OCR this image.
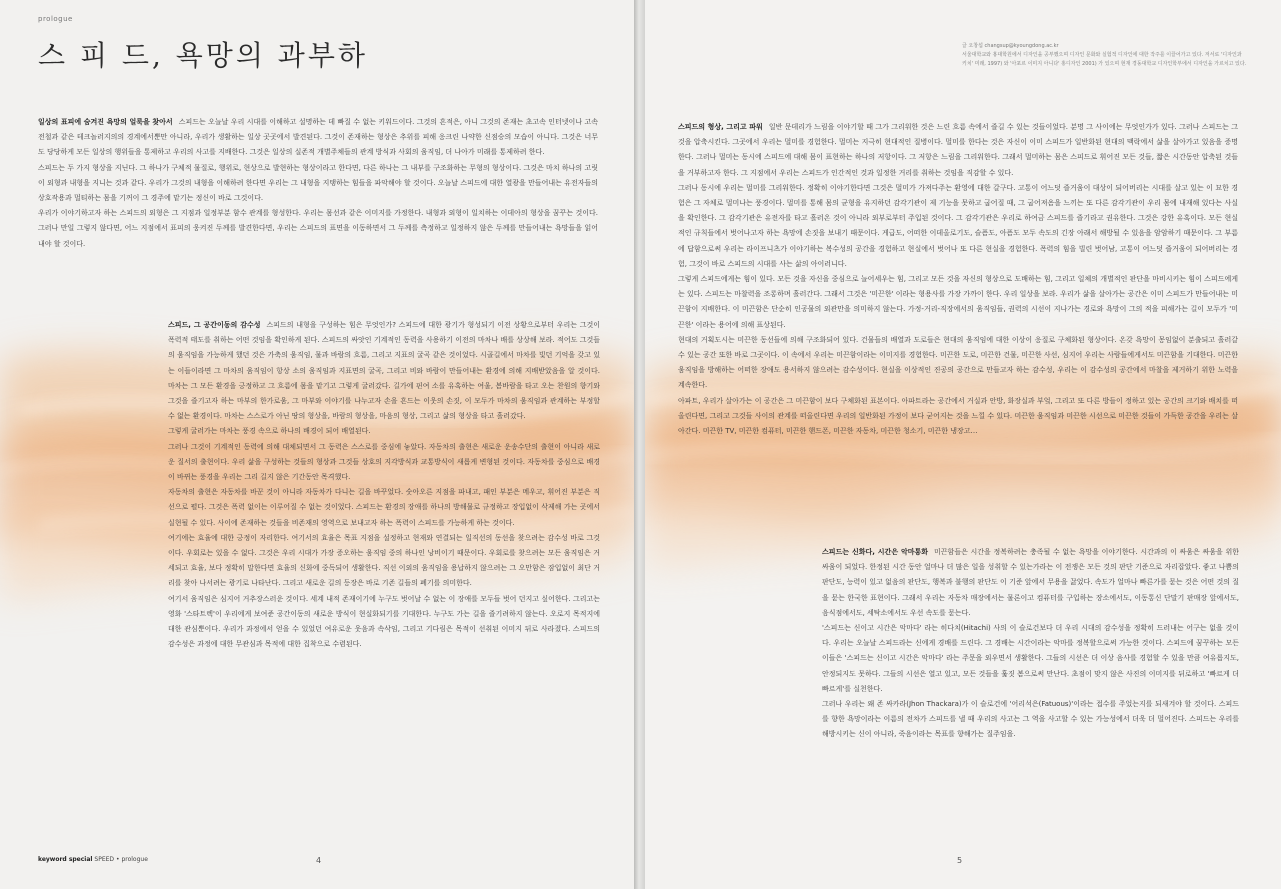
prologue
스 피 드, 욕망의 과부하

일상의 표피에 숨겨진 욕망의 얼룩을 찾아서 스피드는 오늘날 우리 시대를 이해하고 설명하는 데 빠질 수 없는 키워드이다. 그것의 흔적은, 아니 그것의 존재는 초고속 인터넷이나 고속전철과 같은 테크놀러지의의 경계에서뿐만 아니라, 우리가 생활하는 일상 곳곳에서 발견된다. 그것이 존재하는 형상은 추위를 피해 응크린 나약한 신점승의 모습이 아니다. 그것은 너무도 당당하게 모든 일상의 행위들을 통제하고 우리의 사고를 지배한다. 그것은 일상의 실존적 개별주체들의 관계 방식과 사회의 움직임, 더 나아가 미래를 통제하려 한다.

스피드는 두 가지 형상을 지닌다. 그 하나가 구체적 물질로, 행위로, 현상으로 발현하는 형상이라고 한다면, 다른 하나는 그 내부를 구조화하는 무형의 형상이다. 그것은 마치 하나의 고릿이 외형과 내형을 지니는 것과 같다. 우리가 그것의 내형을 이해하려 한다면 우리는 그 내형을 지탱하는 힘들을 파악해야 할 것이다. 오늘날 스피드에 대한 열광을 만들어내는 유전자들의 상호작용과 멀티하는 몸을 기꺼이 그 경주에 맡기는 정신이 바로 그것이다.

우리가 이야기하고자 하는 스피드의 외형은 그 지점과 일정부분 함수 관계를 형성한다. 우리는 몸선과 같은 이미지를 가정한다. 내형과 외형이 일치하는 이데아의 형상을 꿈꾸는 것이다. 그러나 만일 그렇지 않다면, 어느 지점에서 표피의 웅켜진 두께를 발견한다면, 우리는 스피드의 표면을 이동하면서 그 두께를 측정하고 일정하지 않은 두께를 만들어내는 욕망들을 읽어내야 할 것이다.

스피드, 그 공간이동의 감수성 스피드의 내형을 구성하는 힘은 무엇인가? 스피드에 대한 광기가 형성되기 이전 상황으로부터 우리는 그것이 폭력적 태도를 취하는 어떤 것임을 확인하게 된다. 스피드의 싸앗인 기계적인 동력을 사용하기 이전의 마차나 배를 상상해 보라. 적어도 그것들의 움직임을 가능하게 했던 것은 가축의 움직임, 물과 바람의 흐름, 그리고 지표의 굴곡 같은 것이었다. 시골길에서 마차를 빛던 기억을 갖고 있는 이들이라면 그 마차의 움직임이 항상 소의 움직임과 지표면의 굴곡, 그리고 비와 바람이 만들어내는 환경에 의해 지배받았음을 알 것이다. 마차는 그 모든 환경을 긍정하고 그 흐름에 몸을 맡기고 그렇게 굴러갔다. 길가에 핀여 소를 유혹하는 여울, 봄바람을 타고 오는 찬원의 향기와 그것을 즐기고자 하는 마부의 한가로움, 그 마부와 이야기를 나누고자 손을 흔드는 이웃의 손짓, 이 모두가 마차의 움직임과 관계하는 부정할 수 없는 환경이다. 마차는 스스로가 아닌 땅의 형상을, 바람의 형상을, 마음의 형상, 그리고 삶의 형상을 타고 흘러갔다.

그렇게 굴러가는 마차는 풍경 속으로 하나의 배경이 되어 배열된다.

그러나 그것이 기계적인 동력에 의해 대체되면서 그 동력은 스스로를 중심에 놓았다. 자동차의 출현은 새로운 운송수단의 출현이 아니라 새로운 질서의 출현이다. 우리 삶을 구성하는 것들의 형상과 그것들 상호의 지각방식과 교통방식이 새롭게 변형된 것이다. 자동차를 중심으로 배경이 바뀌는 풍경을 우리는 그리 길지 않은 기간동안 목격했다.

자동차의 출현은 자동차를 바꾼 것이 아니라 자동차가 다니는 길을 바꾸었다. 숫아오른 지점을 파내고, 패인 부분은 메우고, 휘어진 부분은 직선으로 펼다. 그것은 폭력 없이는 이루어질 수 없는 것이었다. 스피드는 환경의 장애를 하나의 방해물로 규정하고 장입없이 삭제해 가는 곳에서 실현될 수 있다. 사이에 존재하는 것들을 비존재의 영역으로 보내고자 하는 폭력이 스피드를 가능하게 하는 것이다.

여기에는 효율에 대한 긍정이 자리한다. 여기서의 효율은 목표 지점을 설정하고 현재와 연결되는 일직선의 동선을 찾으려는 감수성 바로 그것이다. 우회로는 있을 수 없다. 그것은 우리 시대가 가장 증오하는 움직임 중의 하나인 낭비이기 때문이다. 우회로를 찾으려는 모든 움직임은 거세되고 효율, 보다 정확히 말한다면 효율의 신화에 중독되어 생활한다. 직선 이외의 움직임을 용납하지 않으려는 그 오만함은 잠입없이 최단 거리를 찾아 나서려는 광기로 나타난다. 그리고 새로운 길의 등장은 바로 기존 길들의 폐기를 의미한다.

여기서 움직임은 심지어 거추장스러운 것이다. 세계 내적 존재이기에 누구도 벗어날 수 없는 이 장애를 모두들 벗어 던지고 싶어한다. 그리고는 영화 '스타트렉'이 우리에게 보여준 공간이동의 새로운 방식이 현실화되기를 기대한다. 누구도 가는 길을 즐기려하지 않는다. 오로지 목적지에 대한 관심뿐이다. 우리가 과정에서 얻을 수 있었던 여유로운 웃음과 속삭임, 그리고 기다림은 목적이 선취된 이미지 뒤로 사라졌다. 스피드의 감수성은 과정에 대한 무관심과 목적에 대한 집착으로 수렴된다.

keyword special SPEED • prologue	4

글 오창섭 changsup@kyoungdong.ac.kr

서울대학교와 홍대학원에서 디자인을 공부했으며 디자인 문화와 실험적 디자인에 대한 작주를 이끌어가고 있다. 저서로 '디자인과 키치' 미래, 1997) 와 '아포르 이미지 아니다' 홍디자인 2001) 가 있으며 현재 경동대학교 디자인학부에서 디자인을 가르치고 있다.

스피드의 형상, 그리고 파워 일반 문데리가 느림을 이야기할 때 그가 그리워한 것은 느린 흐름 속에서 즐길 수 있는 것들이었다. 분명 그 사이에는 무엇인가가 있다. 그러나 스피드는 그것을 압축시킨다. 그곳에서 우리는 멀미를 경험한다. 멀미는 지극히 현대적인 질병이다. 멀미를 한다는 것은 자신이 이미 스피드가 일반화된 현대의 맥락에서 삶을 살아가고 있음을 증명한다. 그러나 멀미는 동시에 스피드에 대해 몸이 표현하는 하나의 저항이다. 그 저항은 느림을 그리워한다. 그래서 멀미하는 몸은 스피드로 휘어진 모든 것들, 짧은 시간동안 압축된 것들을 거부하고자 한다. 그 지점에서 우리는 스피드가 인간적인 것과 일정한 거리를 취하는 것임을 직감할 수 있다.

그러나 동시에 우리는 멀미를 그리워한다. 정확히 이야기한다면 그것은 멀미가 가져다주는 환영에 대한 갈구다. 고통이 어느덧 즐거움이 대상이 되어버리는 시대를 살고 있는 이 묘한 경험은 그 자체로 멀미나는 풍경이다. 멀미를 통해 몸의 균형을 유지하던 감각기관이 제 기능을 못하고 굽어질 때, 그 굽어져옴을 느끼는 또 다른 감각기관이 우리 몸에 내재해 있다는 사실을 확인한다. 그 감각기관은 유전자를 타고 흘러온 것이 아니라 외부로부터 주입된 것이다. 그 감각기관은 우리로 하여금 스피드를 즐기라고 권유한다. 그것은 강한 유혹이다. 모든 현실적인 규칙들에서 벗어나고자 하는 욕망에 손짓을 보내기 때문이다. 게급도, 어떠한 이데올로기도, 슬픔도, 아픔도 모두 속도의 긴장 아래서 해방될 수 있음을 암암하기 때문이다. 그 부름에 답함으로써 우리는 라이프니츠가 이야기하는 복수성의 공간을 경험하고 현실에서 벗어나 또 다른 현실을 경험한다. 폭력의 힘을 빌린 벗어남, 고통이 어느덧 즐거움이 되어버리는 경험, 그것이 바로 스피드의 시대를 사는 삶의 아이러니다.

그렇게 스피드에게는 힘이 있다. 모든 것을 자신을 중심으로 늘어세우는 힘, 그리고 모든 것을 자신의 형상으로 도배하는 힘, 그리고 일체의 개별적인 판단을 마비시키는 힘이 스피드에게는 있다. 스피드는 마찰력을 조롱하며 흘러간다. 그래서 그것은 '미끈한' 이라는 형용사를 가장 가까이 한다. 우리 일상을 보라. 우리가 삶을 살아가는 공간은 이미 스피드가 만들어내는 미끈함이 지배한다. 이 미끈함은 단순히 인공물의 외관만을 의미하지 않는다. 가정-거리-직장에서의 움직임들, 권력의 시선이 지나가는 경로와 욕망이 그의 적을 피해가는 길이 모두가 '미끈한' 이라는 용어에 의해 표상된다.

현대의 거획도시는 미끈한 동선들에 의해 구조화되어 있다. 건물들의 배열과 도로들은 현대의 움직임에 대한 이상이 응질로 구체화된 형상이다. 온갖 욕망이 몽임없이 분출되고 흘러갈 수 있는 공간 또한 바로 그곳이다. 이 속에서 우리는 미끈함이라는 이미지를 경험한다. 미끈한 도로, 미끈한 건물, 미끈한 사선, 심지어 우리는 사람들에게서도 미끈함을 기대한다. 미끈한 움직임을 방해하는 어떠한 장애도 용서하지 않으려는 감수성이다. 현실을 이상적인 진공의 공간으로 만들고자 하는 감수성, 우리는 이 감수성의 공간에서 마찰을 제거하기 위한 노력을 계속한다.

아파트, 우리가 살아가는 이 공간은 그 미끈함이 보다 구체화된 표본이다. 아파트라는 공간에서 거실과 안방, 화장실과 부엌, 그리고 또 다른 방들이 정하고 있는 공간의 크기와 배치를 떠올린다면, 그리고 그것들 사이의 관계를 떠올린다면 우리의 일반화된 가정이 보다 굳어지는 것을 느낄 수 있다. 미끈한 움직임과 미끈한 시선으로 미끈한 것들이 가득한 공간을 우리는 살아간다. 미끈한 TV, 미끈한 컴퓨터, 미끈한 핸드폰, 미끈한 자동차, 미끈한 청소기, 미끈한 냉장고…

스피드는 신화다, 시간은 악마통화 미끈함들은 시간을 정복하려는 충족될 수 없는 욕망을 이야기한다. 시간과의 이 싸움은 싸움을 위한 싸움이 되었다. 한정된 시간 동안 얼마나 더 많은 일을 성취할 수 있는가라는 이 전쟁은 모든 것의 판단 기준으로 자리잡았다. 좋고 나쁨의 판단도, 능력이 있고 없음의 판단도, 행복과 불행의 판단도 이 기준 앞에서 무용을 끓었다. 속도가 얼마나 빠른가를 묻는 것은 어떤 것의 질을 묻는 한국한 표현이다. 그래서 우리는 자동차 매장에서는 물론이고 컴퓨터를 구입하는 장소에서도, 이동통신 단말기 판매장 앞에서도, 음식점에서도, 세탁소에서도 우선 속도를 묻는다.

'스피드는 신이고 시간은 악마다' 라는 히다치(Hitachi) 사의 이 슬로건보다 더 우리 시대의 감수성을 정확히 드러내는 어구는 없을 것이다. 우리는 오늘날 스피드라는 신에게 경배를 드린다. 그 경배는 시간이라는 악마를 정복할으로써 가능한 것이다. 스피드에 꿈꾸하는 모든 이들은 '스피드는 신이고 시간은 악마다' 라는 주문을 외우면서 생활한다. 그들의 시선은 더 이상 음사를 경험할 수 있을 만큼 여유롭지도, 안정되지도 못하다. 그들의 시선은 열고 있고, 모든 것들을 훑짓 봄으로써 만난다. 초점이 맞지 않은 사진의 이미지를 뒤로하고 '빠르게 더 빠르게'를 실천한다.

그러나 우리는 왜 존 싸카라(Jhon Thackara)가 이 슬로건에 '어리석은(Fatuous)'이라는 접수를 주었는지를 되새겨야 할 것이다. 스피드를 향한 욕망이라는 이름의 전차가 스피드를 낼 때 우리의 사고는 그 역을 사고할 수 있는 가능성에서 더욱 더 멀어진다. 스피드는 우리를 해방시키는 신이 아니라, 죽음이라는 목표를 향해가는 질주임을.

5
